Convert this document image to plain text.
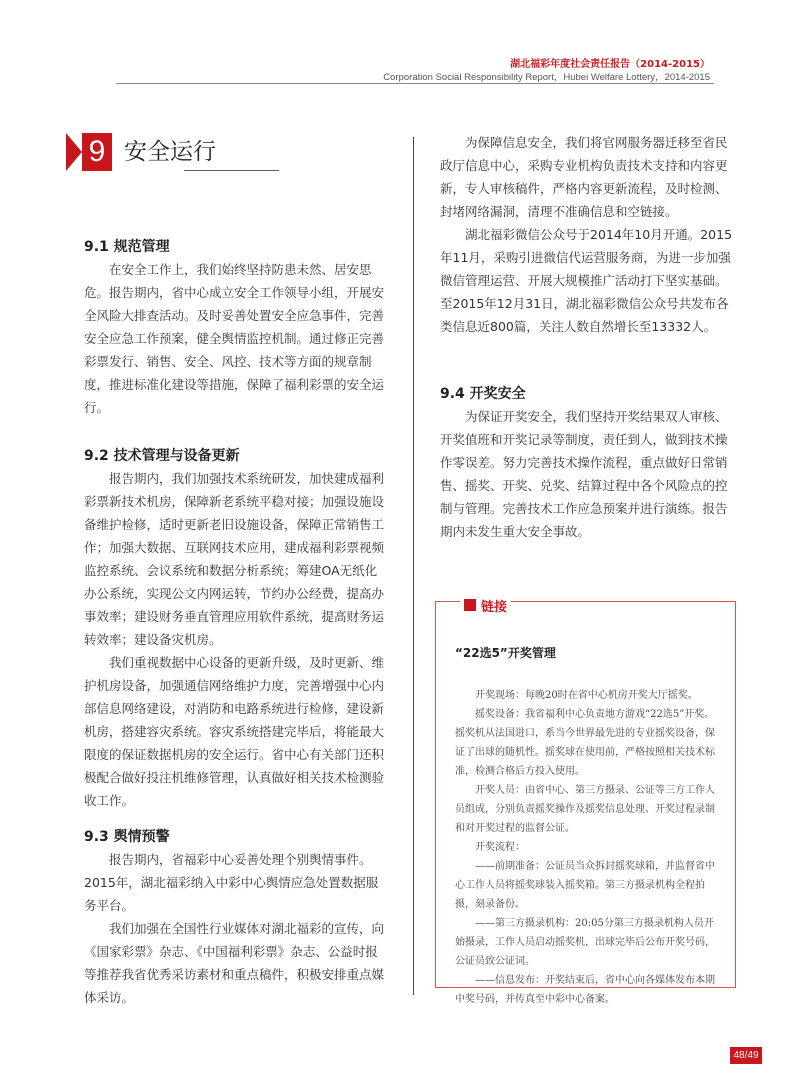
湖北福彩年度社会责任报告（2014-2015）
Corporation Social Responsibility Report，Hubei Welfare Lottery，2014-2015
9 安全运行
9.1 规范管理

在安全工作上，我们始终坚持防患未然、居安思危。报告期内，省中心成立安全工作领导小组，开展安全风险大排查活动。及时妥善处置安全应急事件，完善安全应急工作预案，健全舆情监控机制。通过修正完善彩票发行、销售、安全、风控、技术等方面的规章制度，推进标准化建设等措施，保障了福利彩票的安全运行。

9.2 技术管理与设备更新

报告期内，我们加强技术系统研发，加快建成福利彩票新技术机房，保障新老系统平稳对接；加强设施设备维护检修，适时更新老旧设施设备，保障正常销售工作；加强大数据、互联网技术应用，建成福利彩票视频监控系统、会议系统和数据分析系统；筹建OA无纸化办公系统，实现公文内网运转，节约办公经费，提高办事效率；建设财务垂直管理应用软件系统，提高财务运转效率；建设备灾机房。

我们重视数据中心设备的更新升级，及时更新、维护机房设备，加强通信网络维护力度，完善增强中心内部信息网络建设，对消防和电路系统进行检修，建设新机房，搭建容灾系统。容灾系统搭建完毕后，将能最大限度的保证数据机房的安全运行。省中心有关部门还积极配合做好投注机维修管理，认真做好相关技术检测验收工作。

9.3 舆情预警

报告期内，省福彩中心妥善处理个别舆情事件。2015年，湖北福彩纳入中彩中心舆情应急处置数据服务平台。

我们加强在全国性行业媒体对湖北福彩的宣传，向《国家彩票》杂志、《中国福利彩票》杂志、公益时报等推荐我省优秀采访素材和重点稿件，积极安排重点媒体采访。

为保障信息安全，我们将官网服务器迁移至省民政厅信息中心，采购专业机构负责技术支持和内容更新，专人审核稿件，严格内容更新流程，及时检测、封堵网络漏洞，清理不准确信息和空链接。

湖北福彩微信公众号于2014年10月开通。2015年11月，采购引进微信代运营服务商，为进一步加强微信管理运营、开展大规模推广活动打下坚实基础。至2015年12月31日，湖北福彩微信公众号共发布各类信息近800篇，关注人数自然增长至13332人。

9.4 开奖安全

为保证开奖安全，我们坚持开奖结果双人审核、开奖值班和开奖记录等制度，责任到人，做到技术操作零误差。努力完善技术操作流程，重点做好日常销售、摇奖、开奖、兑奖、结算过程中各个风险点的控制与管理。完善技术工作应急预案并进行演练。报告期内未发生重大安全事故。

链接
“22选5”开奖管理

开奖现场：每晚20时在省中心机房开奖大厅摇奖。

摇奖设备：我省福利中心负责地方游戏“22选5”开奖。摇奖机从法国进口，系当今世界最先进的专业摇奖设备，保证了出球的随机性。摇奖球在使用前，严格按照相关技术标准，检测合格后方投入使用。

开奖人员：由省中心、第三方摄录、公证等三方工作人员组成，分别负责摇奖操作及摇奖信息处理、开奖过程录制和对开奖过程的监督公证。

开奖流程：

——前期准备：公证员当众拆封摇奖球箱，并监督省中心工作人员将摇奖球装入摇奖箱。第三方摄录机构全程拍摄，刻录备份。

——第三方摄录机构：20:05分第三方摄录机构人员开始摄录，工作人员启动摇奖机，出球完毕后公布开奖号码，公证员致公证词。

——信息发布：开奖结束后，省中心向各媒体发布本期中奖号码，并传真至中彩中心备案。

48/49
